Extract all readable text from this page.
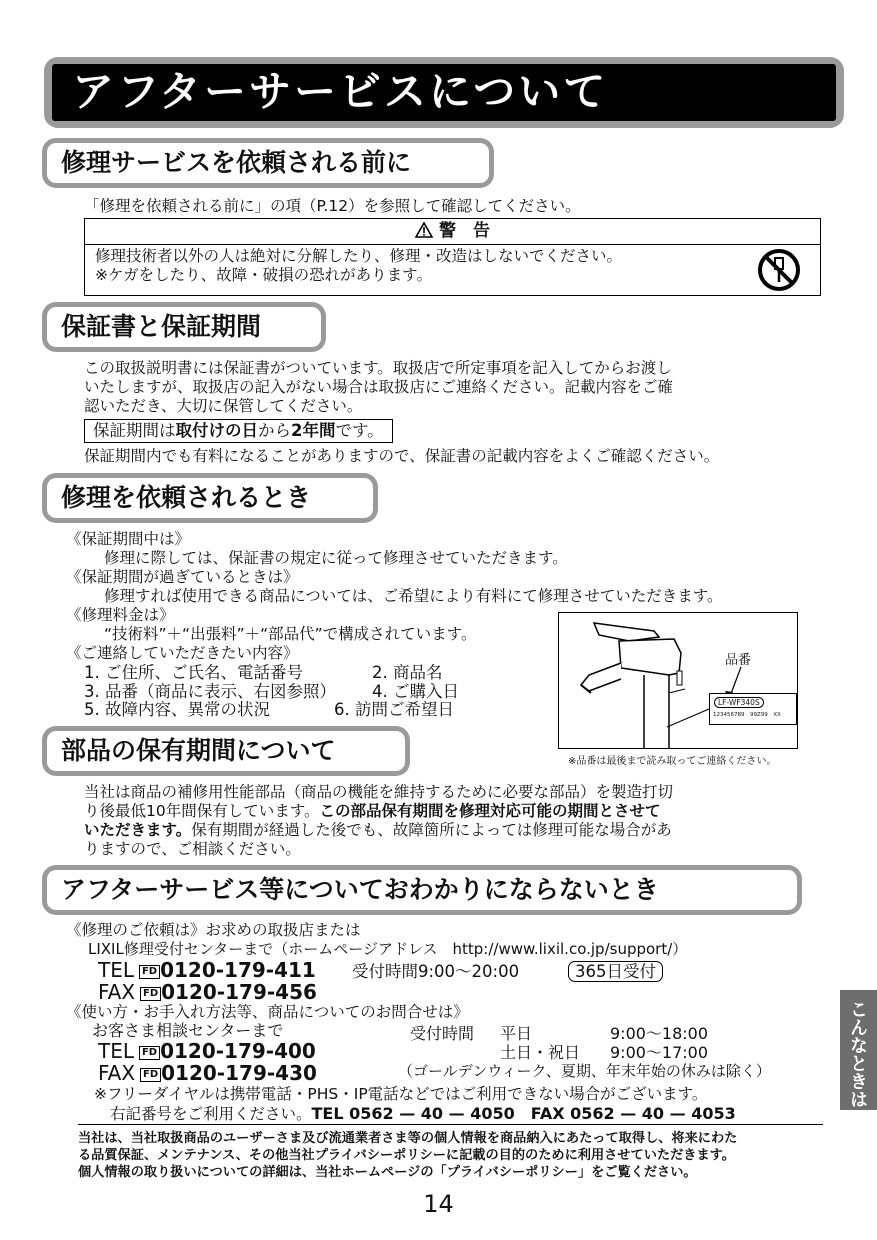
アフターサービスについて
修理サービスを依頼される前に
「修理を依頼される前に」の項（P.12）を参照して確認してください。
警　告
修理技術者以外の人は絶対に分解したり、修理・改造はしないでください。
※ケガをしたり、故障・破損の恐れがあります。
保証書と保証期間
この取扱説明書には保証書がついています。取扱店で所定事項を記入してからお渡し
いたしますが、取扱店の記入がない場合は取扱店にご連絡ください。記載内容をご確
認いただき、大切に保管してください。
保証期間は取付けの日から2年間です。
保証期間内でも有料になることがありますので、保証書の記載内容をよくご確認ください。
修理を依頼されるとき
《保証期間中は》
修理に際しては、保証書の規定に従って修理させていただきます。
《保証期間が過ぎているときは》
修理すれば使用できる商品については、ご希望により有料にて修理させていただきます。
《修理料金は》
“技術料”＋“出張料”＋“部品代”で構成されています。
《ご連絡していただきたい内容》
1. ご住所、ご氏名、電話番号	2. 商品名
3. 品番（商品に表示、右図参照） 4. ご購入日
5. 故障内容、異常の状況	6. 訪問ご希望日
品番
LF-WF340S
123456789　99Z99　XX
※品番は最後まで読み取ってご連絡ください。
部品の保有期間について
当社は商品の補修用性能部品（商品の機能を維持するために必要な部品）を製造打切
り後最低10年間保有しています。この部品保有期間を修理対応可能の期間とさせて
いただきます。保有期間が経過した後でも、故障箇所によっては修理可能な場合があ
りますので、ご相談ください。
アフターサービス等についておわかりにならないとき
《修理のご依頼は》お求めの取扱店または
LIXIL修理受付センターまで（ホームページアドレス　http://www.lixil.co.jp/support/）
TEL FD 0120-179-411 受付時間9:00～20:00	365日受付
FAX FD 0120-179-456
《使い方・お手入れ方法等、商品についてのお問合せは》
お客さま相談センターまで	受付時間 平日	9:00～18:00
土日・祝日 9:00～17:00
（ゴールデンウィーク、夏期、年末年始の休みは除く）
TEL FD 0120-179-400
FAX FD 0120-179-430
※フリーダイヤルは携帯電話・PHS・IP電話などではご利用できない場合がございます。
右記番号をご利用ください。TEL 0562 — 40 — 4050　FAX 0562 — 40 — 4053
当社は、当社取扱商品のユーザーさま及び流通業者さま等の個人情報を商品納入にあたって取得し、将来にわた
る品質保証、メンテナンス、その他当社プライバシーポリシーに記載の目的のために利用させていただきます。
個人情報の取り扱いについての詳細は、当社ホームページの「プライバシーポリシー」をご覧ください。
こんなときは
14
